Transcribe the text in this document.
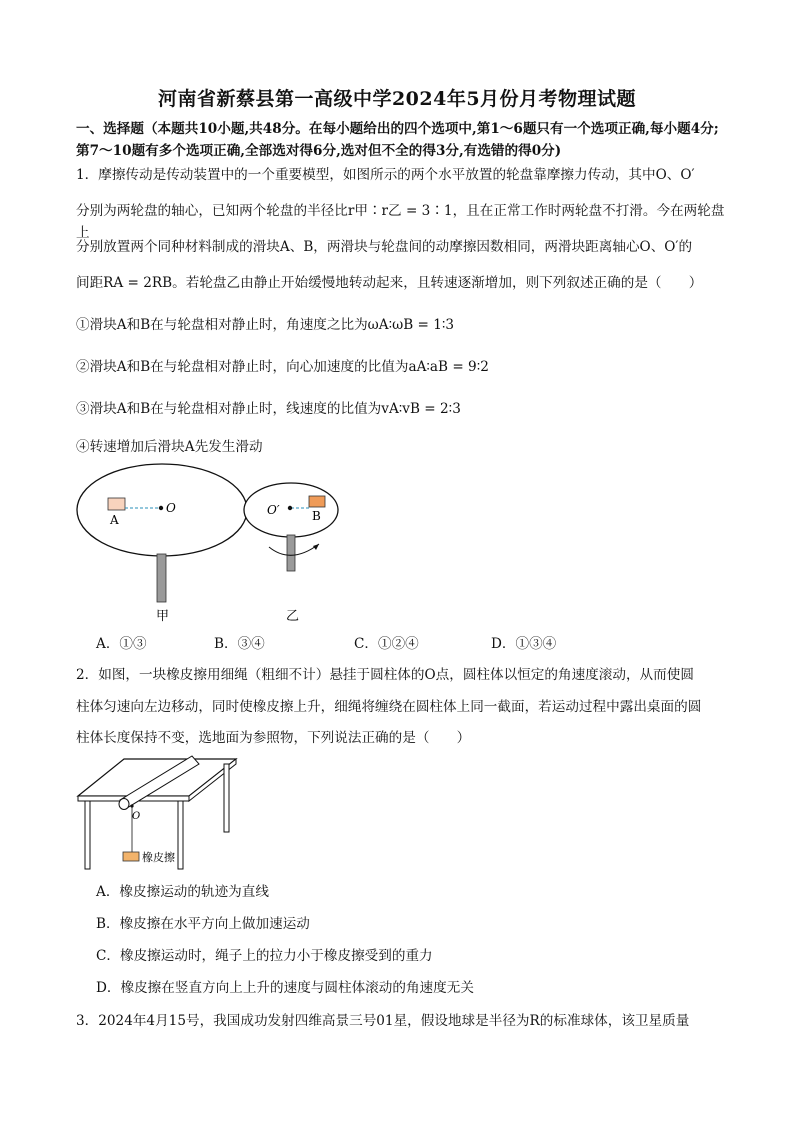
河南省新蔡县第一高级中学2024年5月份月考物理试题
一、选择题（本题共10小题,共48分。在每小题给出的四个选项中,第1～6题只有一个选项正确,每小题4分;第7～10题有多个选项正确,全部选对得6分,选对但不全的得3分,有选错的得0分)
1．摩擦传动是传动装置中的一个重要模型，如图所示的两个水平放置的轮盘靠摩擦力传动，其中O、O′
分别为两轮盘的轴心，已知两个轮盘的半径比r甲∶r乙 = 3∶1，且在正常工作时两轮盘不打滑。今在两轮盘上
分别放置两个同种材料制成的滑块A、B，两滑块与轮盘间的动摩擦因数相同，两滑块距离轴心O、O′的
间距RA = 2RB。若轮盘乙由静止开始缓慢地转动起来，且转速逐渐增加，则下列叙述正确的是（　　）
①滑块A和B在与轮盘相对静止时，角速度之比为ωA∶ωB = 1∶3
②滑块A和B在与轮盘相对静止时，向心加速度的比值为aA∶aB = 9∶2
③滑块A和B在与轮盘相对静止时，线速度的比值为vA∶vB = 2∶3
④转速增加后滑块A先发生滑动
A
O
甲
O′	B
乙
A．①③	B．③④	C．①②④	D．①③④
2．如图，一块橡皮擦用细绳（粗细不计）悬挂于圆柱体的O点，圆柱体以恒定的角速度滚动，从而使圆
柱体匀速向左边移动，同时使橡皮擦上升，细绳将缠绕在圆柱体上同一截面，若运动过程中露出桌面的圆
柱体长度保持不变，选地面为参照物，下列说法正确的是（　　）
O
橡皮擦
A．橡皮擦运动的轨迹为直线
B．橡皮擦在水平方向上做加速运动
C．橡皮擦运动时，绳子上的拉力小于橡皮擦受到的重力
D．橡皮擦在竖直方向上上升的速度与圆柱体滚动的角速度无关
3．2024年4月15号，我国成功发射四维高景三号01星，假设地球是半径为R的标准球体，该卫星质量
